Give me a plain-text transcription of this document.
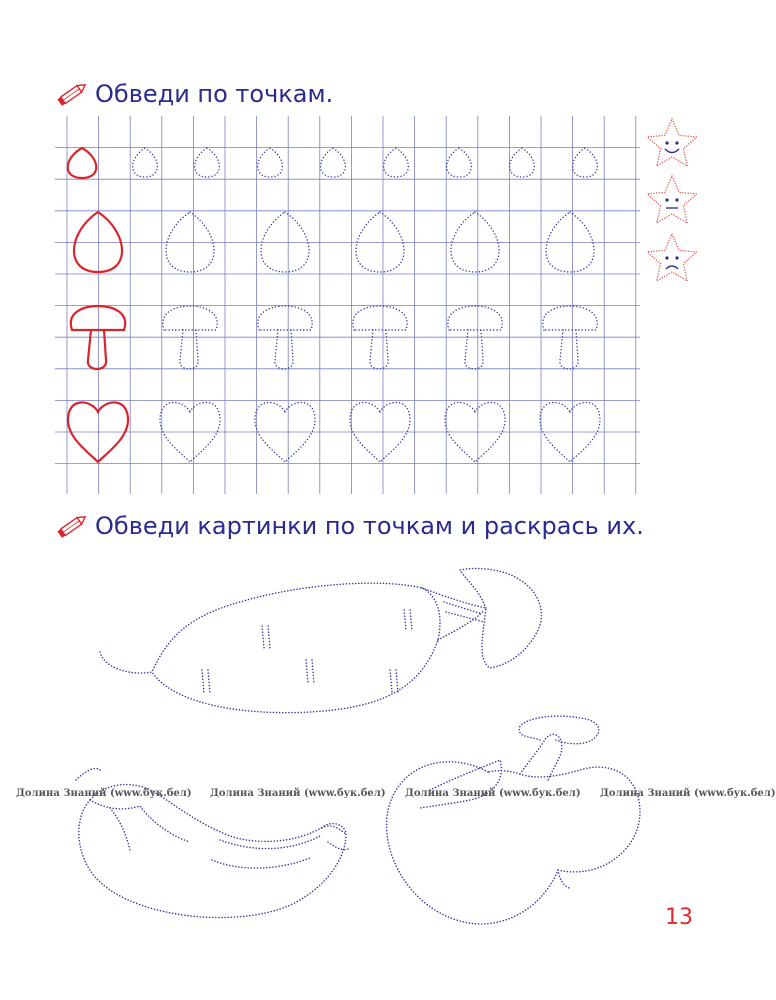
Обведи по точкам.
Обведи картинки по точкам и раскрась их.
Долина Знаний (www.бук.бел) Долина Знаний (www.бук.бел) Долина Знаний (www.бук.бел) Долина Знаний (www.бук.бел)
13
